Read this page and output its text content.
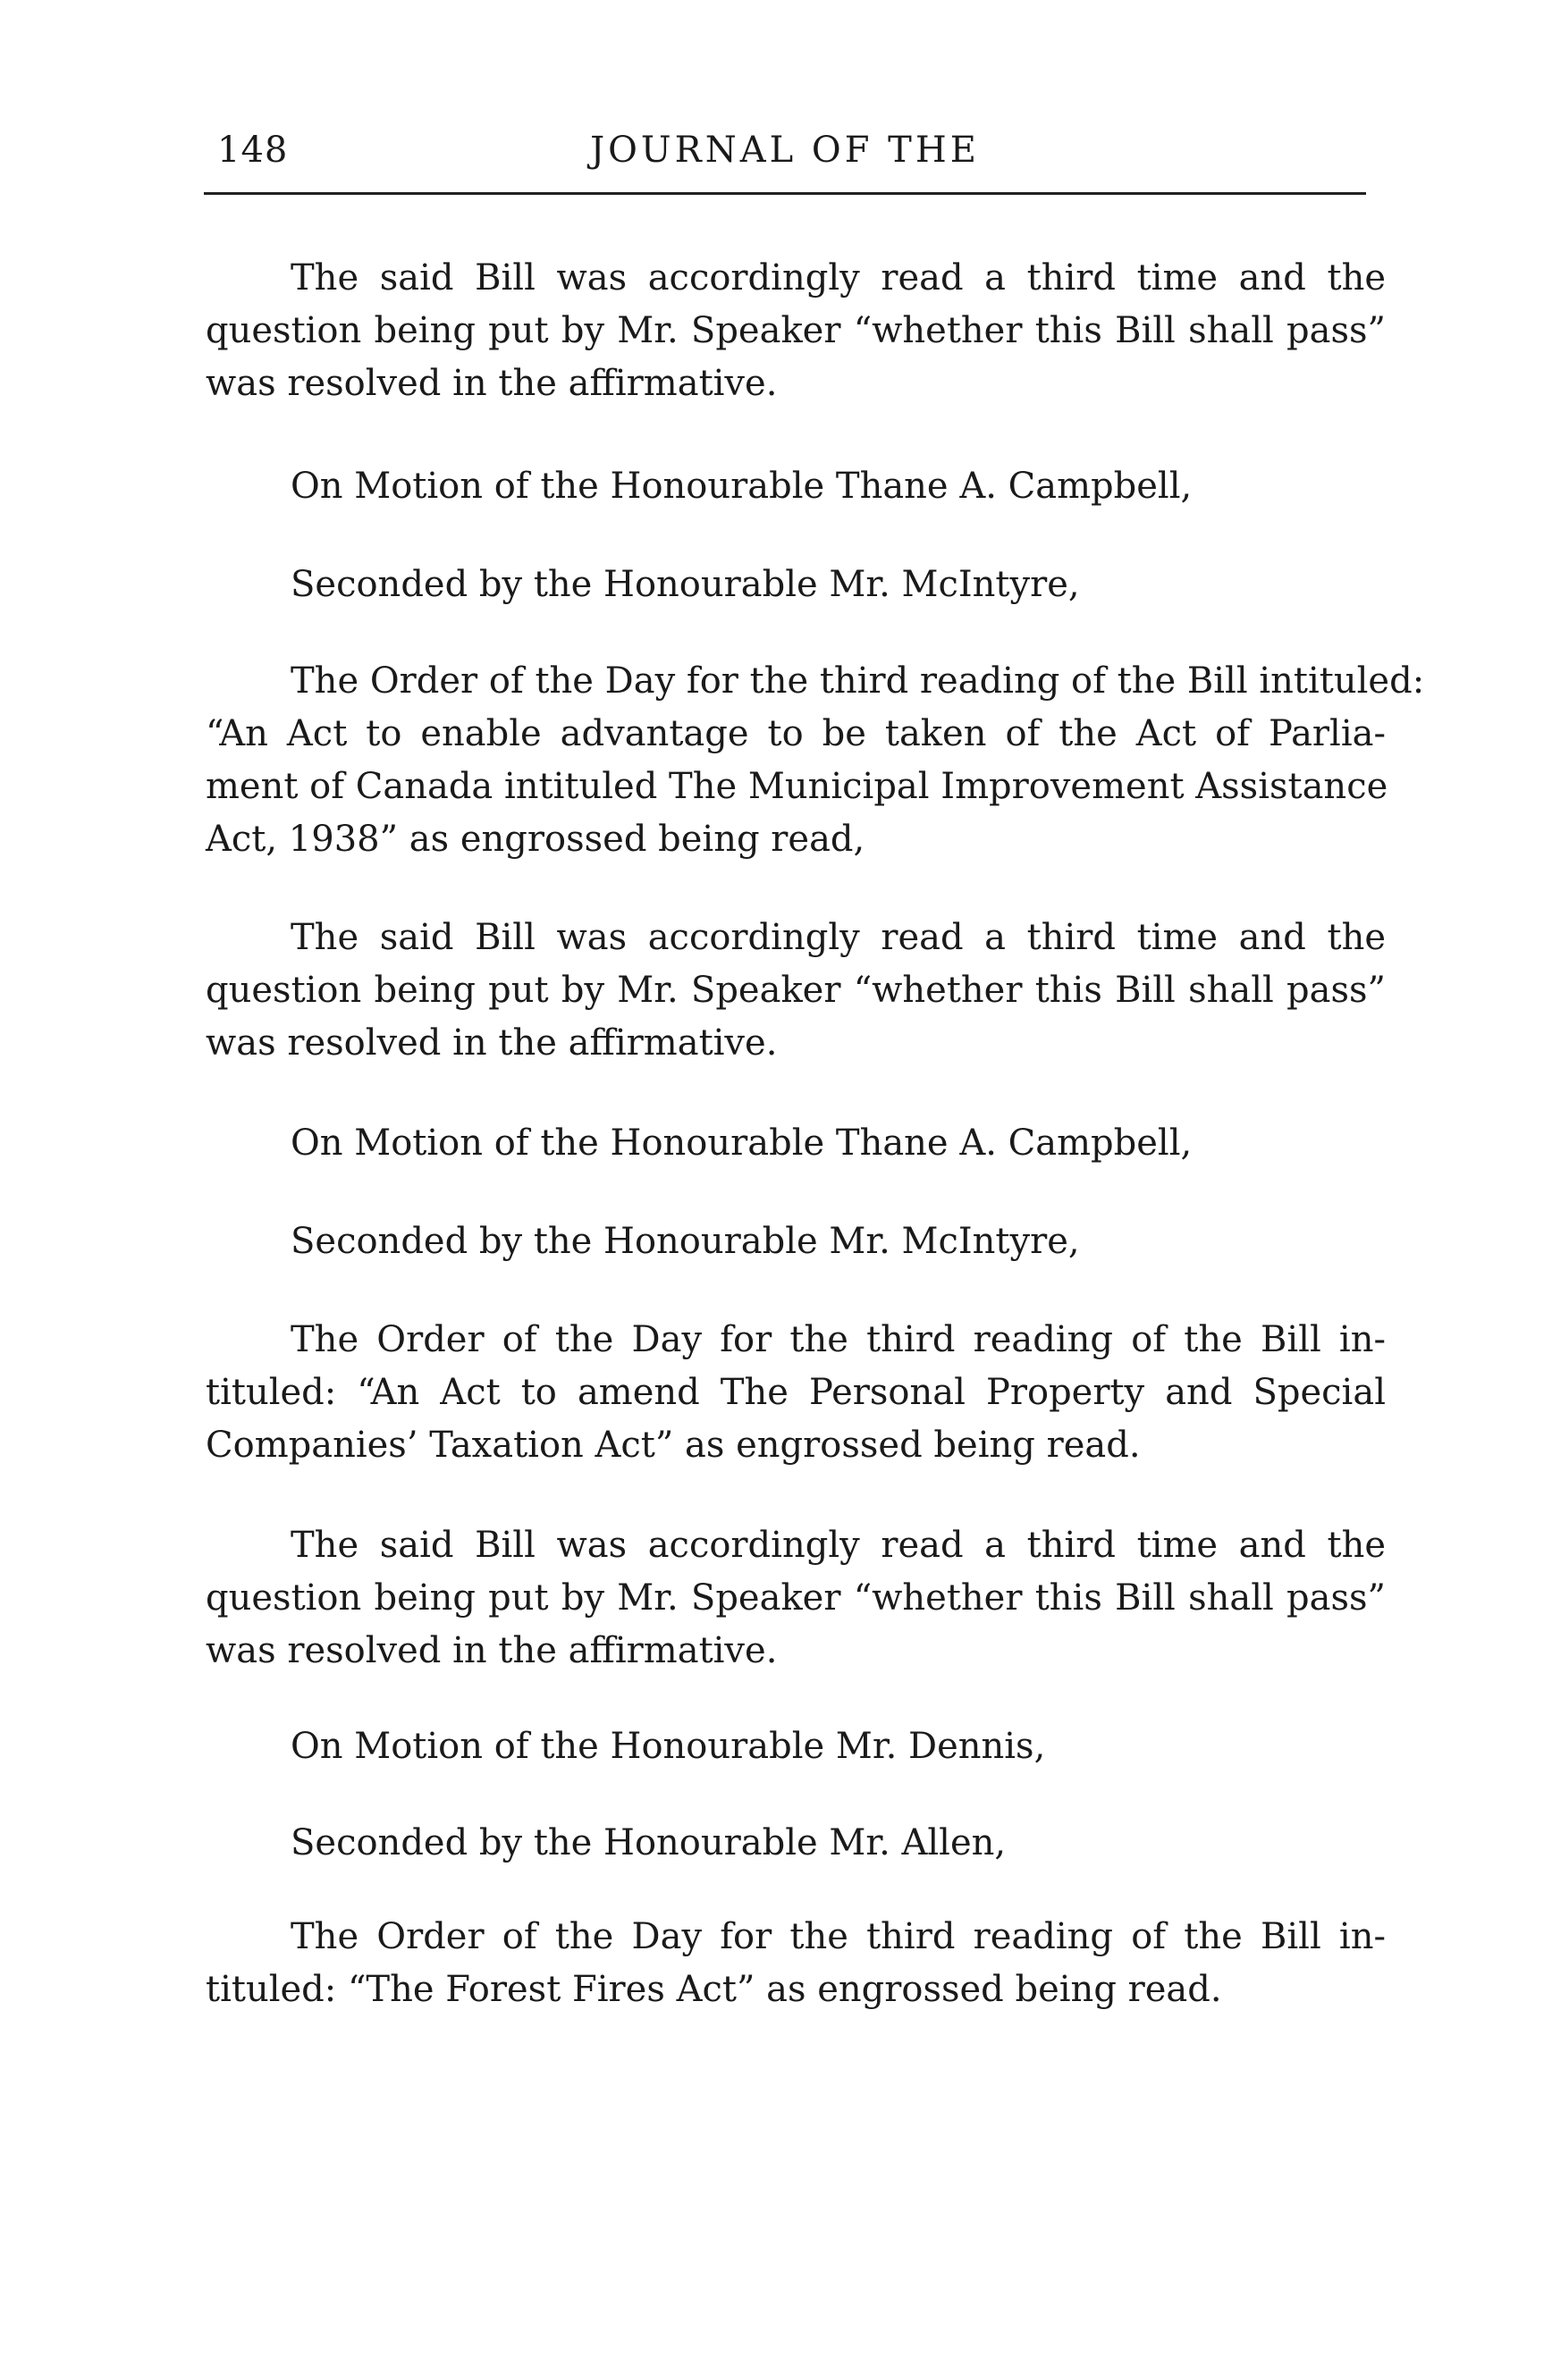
148	JOURNAL OF THE

The said Bill was accordingly read a third time and the
question being put by Mr. Speaker “whether this Bill shall pass”
was resolved in the affirmative.

On Motion of the Honourable Thane A. Campbell,

Seconded by the Honourable Mr. McIntyre,

The Order of the Day for the third reading of the Bill intituled:
“An Act to enable advantage to be taken of the Act of Parlia-
ment of Canada intituled The Municipal Improvement Assistance
Act, 1938” as engrossed being read,

The said Bill was accordingly read a third time and the
question being put by Mr. Speaker “whether this Bill shall pass”
was resolved in the affirmative.

On Motion of the Honourable Thane A. Campbell,

Seconded by the Honourable Mr. McIntyre,

The Order of the Day for the third reading of the Bill in-
tituled: “An Act to amend The Personal Property and Special
Companies’ Taxation Act” as engrossed being read.

The said Bill was accordingly read a third time and the
question being put by Mr. Speaker “whether this Bill shall pass”
was resolved in the affirmative.

On Motion of the Honourable Mr. Dennis,

Seconded by the Honourable Mr. Allen,

The Order of the Day for the third reading of the Bill in-
tituled: “The Forest Fires Act” as engrossed being read.
